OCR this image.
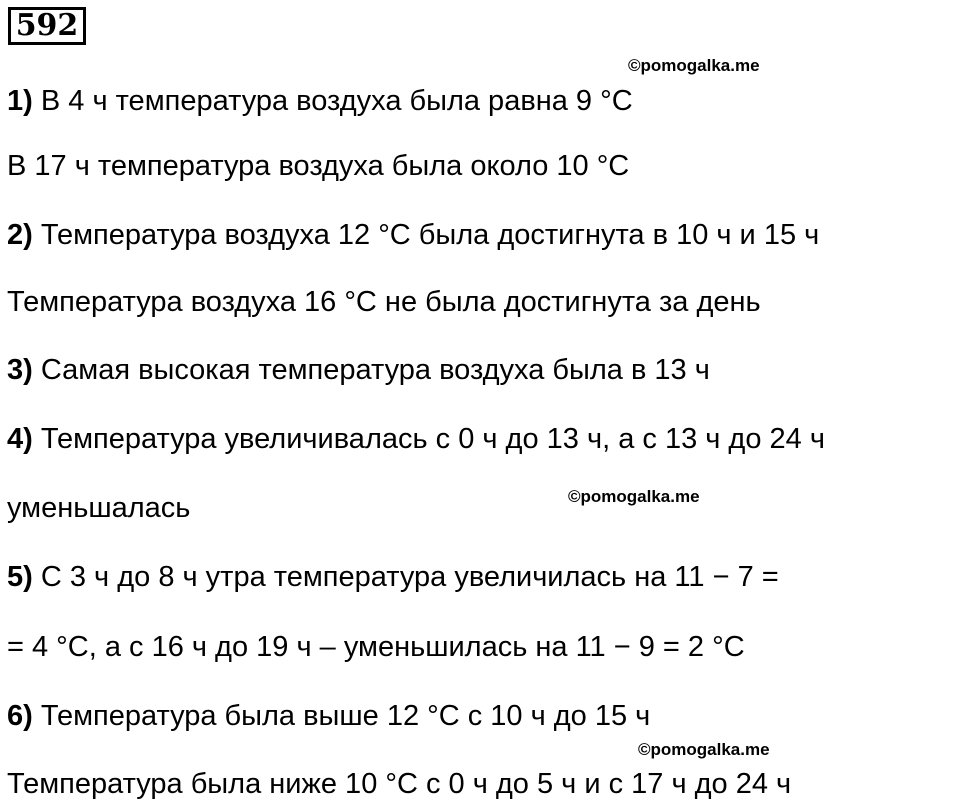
592
©pomogalka.me
©pomogalka.me
©pomogalka.me
1) В 4 ч температура воздуха была равна 9 °С
В 17 ч температура воздуха была около 10 °С
2) Температура воздуха 12 °С была достигнута в 10 ч и 15 ч
Температура воздуха 16 °С не была достигнута за день
3) Самая высокая температура воздуха была в 13 ч
4) Температура увеличивалась с 0 ч до 13 ч, а с 13 ч до 24 ч
уменьшалась
5) С 3 ч до 8 ч утра температура увеличилась на 11 − 7 =
= 4 °С, а с 16 ч до 19 ч – уменьшилась на 11 − 9 = 2 °С
6) Температура была выше 12 °С с 10 ч до 15 ч
Температура была ниже 10 °С с 0 ч до 5 ч и с 17 ч до 24 ч
